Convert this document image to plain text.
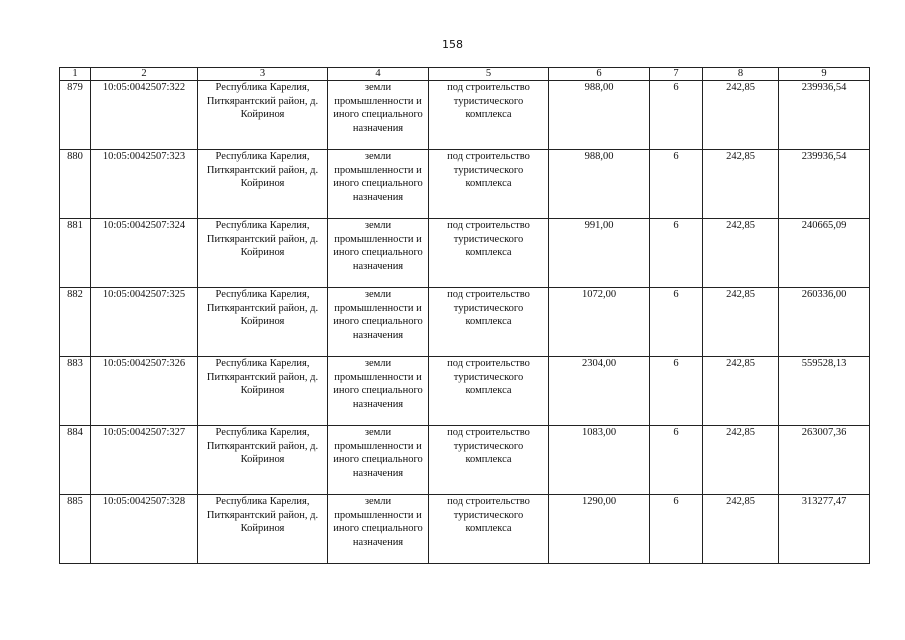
158
1	2	3	4	5	6	7	8	9
879	10:05:0042507:322	Республика Карелия, Питкярантский район, д. Койриноя	земли промышленности и иного специального назначения	под строительство туристического комплекса	988,00	6	242,85	239936,54
880	10:05:0042507:323	Республика Карелия, Питкярантский район, д. Койриноя	земли промышленности и иного специального назначения	под строительство туристического комплекса	988,00	6	242,85	239936,54
881	10:05:0042507:324	Республика Карелия, Питкярантский район, д. Койриноя	земли промышленности и иного специального назначения	под строительство туристического комплекса	991,00	6	242,85	240665,09
882	10:05:0042507:325	Республика Карелия, Питкярантский район, д. Койриноя	земли промышленности и иного специального назначения	под строительство туристического комплекса	1072,00	6	242,85	260336,00
883	10:05:0042507:326	Республика Карелия, Питкярантский район, д. Койриноя	земли промышленности и иного специального назначения	под строительство туристического комплекса	2304,00	6	242,85	559528,13
884	10:05:0042507:327	Республика Карелия, Питкярантский район, д. Койриноя	земли промышленности и иного специального назначения	под строительство туристического комплекса	1083,00	6	242,85	263007,36
885	10:05:0042507:328	Республика Карелия, Питкярантский район, д. Койриноя	земли промышленности и иного специального назначения	под строительство туристического комплекса	1290,00	6	242,85	313277,47
